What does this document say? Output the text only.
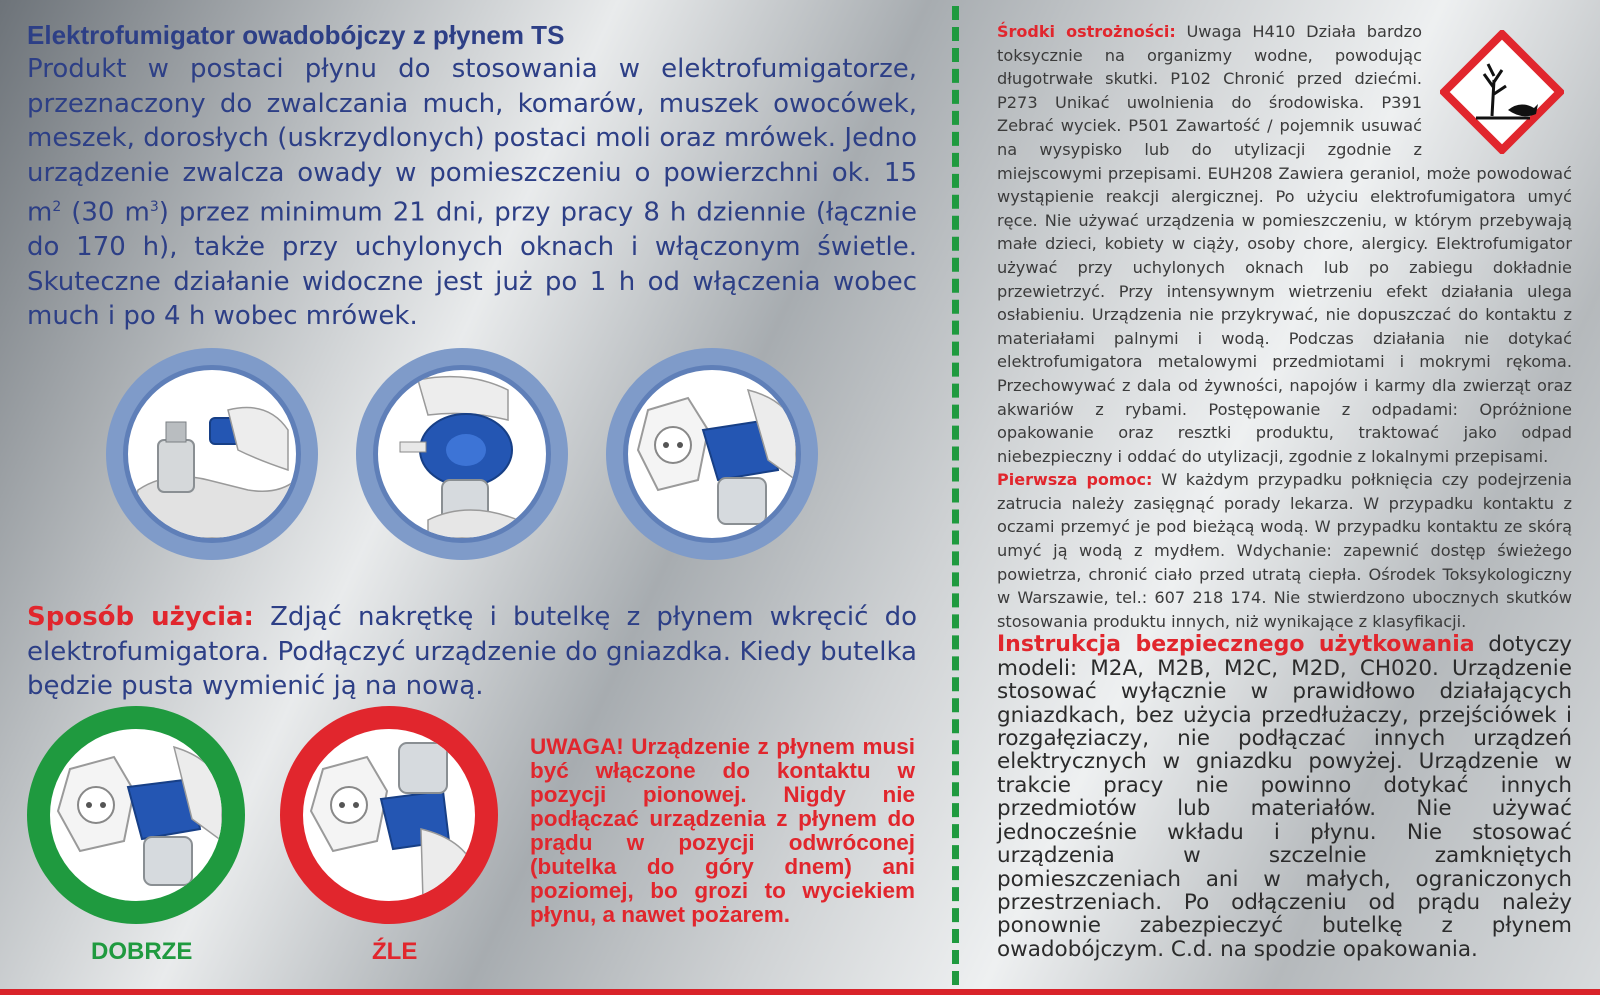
Elektrofumigator owadobójczy z płynem TS

Produkt w postaci płynu do stosowania w elektrofumigatorze, przeznaczony do zwalczania much, komarów, muszek owocówek, meszek, dorosłych (uskrzydlonych) postaci moli oraz mrówek. Jedno urządzenie zwalcza owady w pomieszczeniu o powierzchni ok. 15 $m^2$ (30 $m^3$) przez minimum 21 dni, przy pracy 8 h dziennie (łącznie do 170 h), także przy uchylonych oknach i włączonym świetle. Skuteczne działanie widoczne jest już po 1 h od włączenia wobec much i po 4 h wobec mrówek.

Sposób użycia: Zdjąć nakrętkę i butelkę z płynem wkręcić do elektrofumigatora. Podłączyć urządzenie do gniazdka. Kiedy butelka będzie pusta wymienić ją na nową.

DOBRZE	ŹLE

UWAGA! Urządzenie z płynem musi być włączone do kontaktu w pozycji pionowej. Nigdy nie podłączać urządzenia z płynem do prądu w pozycji odwróconej (butelka do góry dnem) ani poziomej, bo grozi to wyciekiem płynu, a nawet pożarem.

Środki ostrożności: Uwaga H410 Działa bardzo toksycznie na organizmy wodne, powodując długotrwałe skutki. P102 Chronić przed dziećmi. P273 Unikać uwolnienia do środowiska. P391 Zebrać wyciek. P501 Zawartość / pojemnik usuwać na wysypisko lub do utylizacji zgodnie z miejscowymi przepisami. EUH208 Zawiera geraniol, może powodować wystąpienie reakcji alergicznej. Po użyciu elektrofumigatora umyć ręce. Nie używać urządzenia w pomieszczeniu, w którym przebywają małe dzieci, kobiety w ciąży, osoby chore, alergicy. Elektrofumigator używać przy uchylonych oknach lub po zabiegu dokładnie przewietrzyć. Przy intensywnym wietrzeniu efekt działania ulega osłabieniu. Urządzenia nie przykrywać, nie dopuszczać do kontaktu z materiałami palnymi i wodą. Podczas działania nie dotykać elektrofumigatora metalowymi przedmiotami i mokrymi rękoma. Przechowywać z dala od żywności, napojów i karmy dla zwierząt oraz akwariów z rybami. Postępowanie z odpadami: Opróżnione opakowanie oraz resztki produktu, traktować jako odpad niebezpieczny i oddać do utylizacji, zgodnie z lokalnymi przepisami.

Pierwsza pomoc: W każdym przypadku połknięcia czy podejrzenia zatrucia należy zasięgnąć porady lekarza. W przypadku kontaktu z oczami przemyć je pod bieżącą wodą. W przypadku kontaktu ze skórą umyć ją wodą z mydłem. Wdychanie: zapewnić dostęp świeżego powietrza, chronić ciało przed utratą ciepła. Ośrodek Toksykologiczny w Warszawie, tel.: 607 218 174. Nie stwierdzono ubocznych skutków stosowania produktu innych, niż wynikające z klasyfikacji.

Instrukcja bezpiecznego użytkowania dotyczy modeli: M2A, M2B, M2C, M2D, CH020. Urządzenie stosować wyłącznie w prawidłowo działających gniazdkach, bez użycia przedłużaczy, przejściówek i rozgałęziaczy, nie podłączać innych urządzeń elektrycznych w gniazdku powyżej. Urządzenie w trakcie pracy nie powinno dotykać innych przedmiotów lub materiałów. Nie używać jednocześnie wkładu i płynu. Nie stosować urządzenia w szczelnie zamkniętych pomieszczeniach ani w małych, ograniczonych przestrzeniach. Po odłączeniu od prądu należy ponownie zabezpieczyć butelkę z płynem owadobójczym. C.d. na spodzie opakowania.
